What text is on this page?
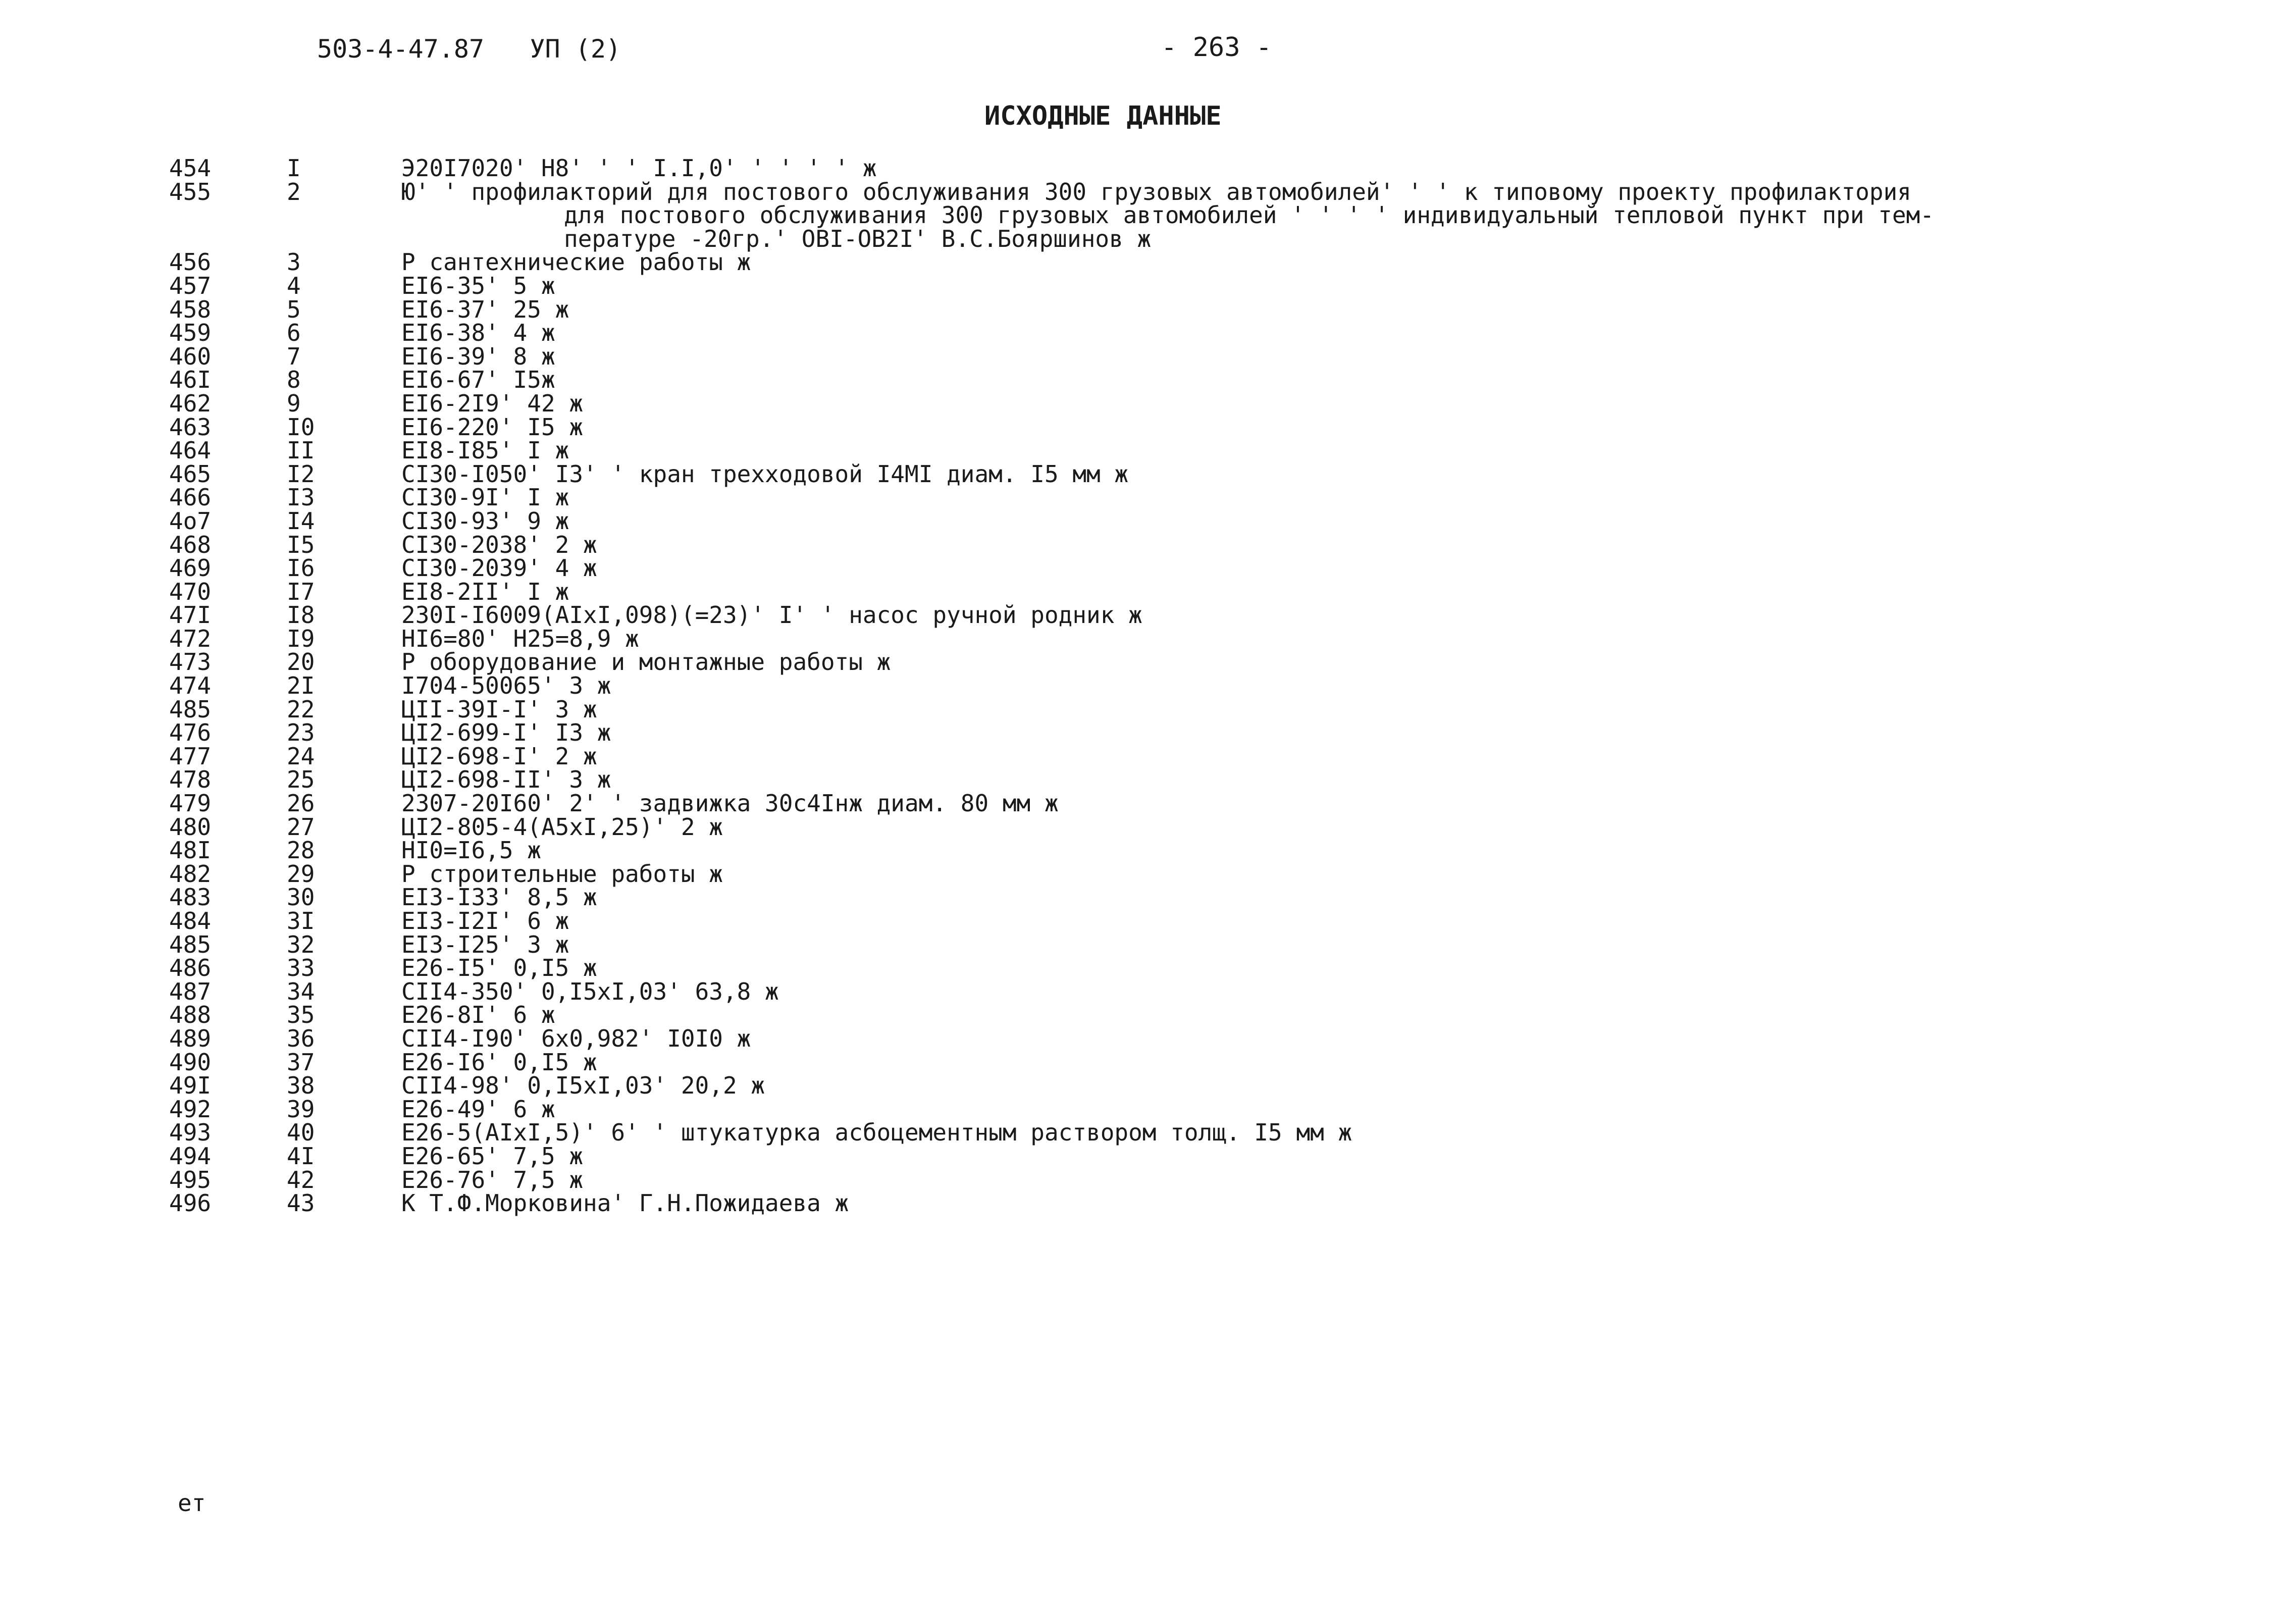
503-4-47.87   УП (2)	- 263 -
ИСХОДНЫЕ ДАННЫЕ
454	I	Э20I7020' Н8' ' ' I.I,0' ' ' ' ' ж
455	2	Ю' ' профилакторий для постового обслуживания 300 грузовых автомобилей' ' ' к типовому проекту профилактория
для постового обслуживания 300 грузовых автомобилей ' ' ' ' индивидуальный тепловой пункт при тем-
пературе -20гр.' ОВI-ОВ2I' В.С.Бояршинов ж
456	3	Р сантехнические работы ж
457	4	ЕI6-35' 5 ж
458	5	ЕI6-37' 25 ж
459	6	ЕI6-38' 4 ж
460	7	ЕI6-39' 8 ж
46I	8	ЕI6-67' I5ж
462	9	ЕI6-2I9' 42 ж
463	I0	ЕI6-220' I5 ж
464	II	ЕI8-I85' I ж
465	I2	СI30-I050' I3' ' кран трехходовой I4МI диам. I5 мм ж
466	I3	СI30-9I' I ж
4о7	I4	СI30-93' 9 ж
468	I5	СI30-2038' 2 ж
469	I6	СI30-2039' 4 ж
470	I7	ЕI8-2II' I ж
47I	I8	230I-I6009(АIхI,098)(=23)' I' ' насос ручной родник ж
472	I9	НI6=80' Н25=8,9 ж
473	20	Р оборудование и монтажные работы ж
474	2I	I704-50065' 3 ж
485	22	ЦII-39I-I' 3 ж
476	23	ЦI2-699-I' I3 ж
477	24	ЦI2-698-I' 2 ж
478	25	ЦI2-698-II' 3 ж
479	26	2307-20I60' 2' ' задвижка 30с4Iнж диам. 80 мм ж
480	27	ЦI2-805-4(А5хI,25)' 2 ж
48I	28	НI0=I6,5 ж
482	29	Р строительные работы ж
483	30	ЕI3-I33' 8,5 ж
484	3I	ЕI3-I2I' 6 ж
485	32	ЕI3-I25' 3 ж
486	33	Е26-I5' 0,I5 ж
487	34	СII4-350' 0,I5хI,03' 63,8 ж
488	35	Е26-8I' 6 ж
489	36	СII4-I90' 6х0,982' I0I0 ж
490	37	Е26-I6' 0,I5 ж
49I	38	СII4-98' 0,I5хI,03' 20,2 ж
492	39	Е26-49' 6 ж
493	40	Е26-5(АIхI,5)' 6' ' штукатурка асбоцементным раствором толщ. I5 мм ж
494	4I	Е26-65' 7,5 ж
495	42	Е26-76' 7,5 ж
496	43	К Т.Ф.Морковина' Г.Н.Пожидаева ж
ет
